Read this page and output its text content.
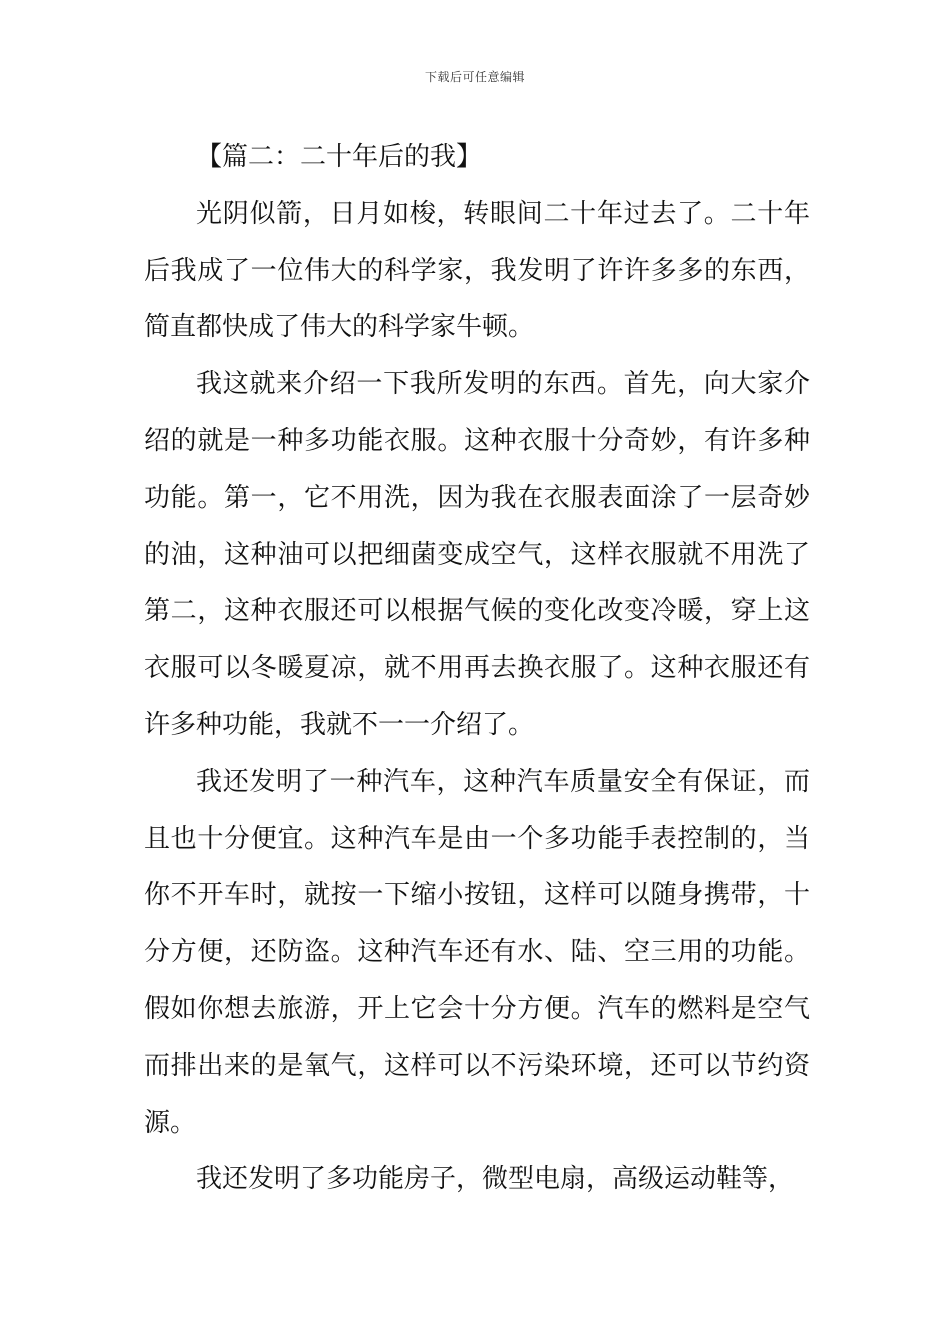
下载后可任意编辑
【篇二：二十年后的我】

光阴似箭，日月如梭，转眼间二十年过去了。二十年后我成了一位伟大的科学家，我发明了许许多多的东西，简直都快成了伟大的科学家牛顿。

我这就来介绍一下我所发明的东西。首先，向大家介绍的就是一种多功能衣服。这种衣服十分奇妙，有许多种功能。第一，它不用洗，因为我在衣服表面涂了一层奇妙的油，这种油可以把细菌变成空气，这样衣服就不用洗了第二，这种衣服还可以根据气候的变化改变冷暖，穿上这衣服可以冬暖夏凉，就不用再去换衣服了。这种衣服还有许多种功能，我就不一一介绍了。

我还发明了一种汽车，这种汽车质量安全有保证，而且也十分便宜。这种汽车是由一个多功能手表控制的，当你不开车时，就按一下缩小按钮，这样可以随身携带，十分方便，还防盗。这种汽车还有水、陆、空三用的功能。假如你想去旅游，开上它会十分方便。汽车的燃料是空气而排出来的是氧气，这样可以不污染环境，还可以节约资源。

我还发明了多功能房子，微型电扇，高级运动鞋等，
